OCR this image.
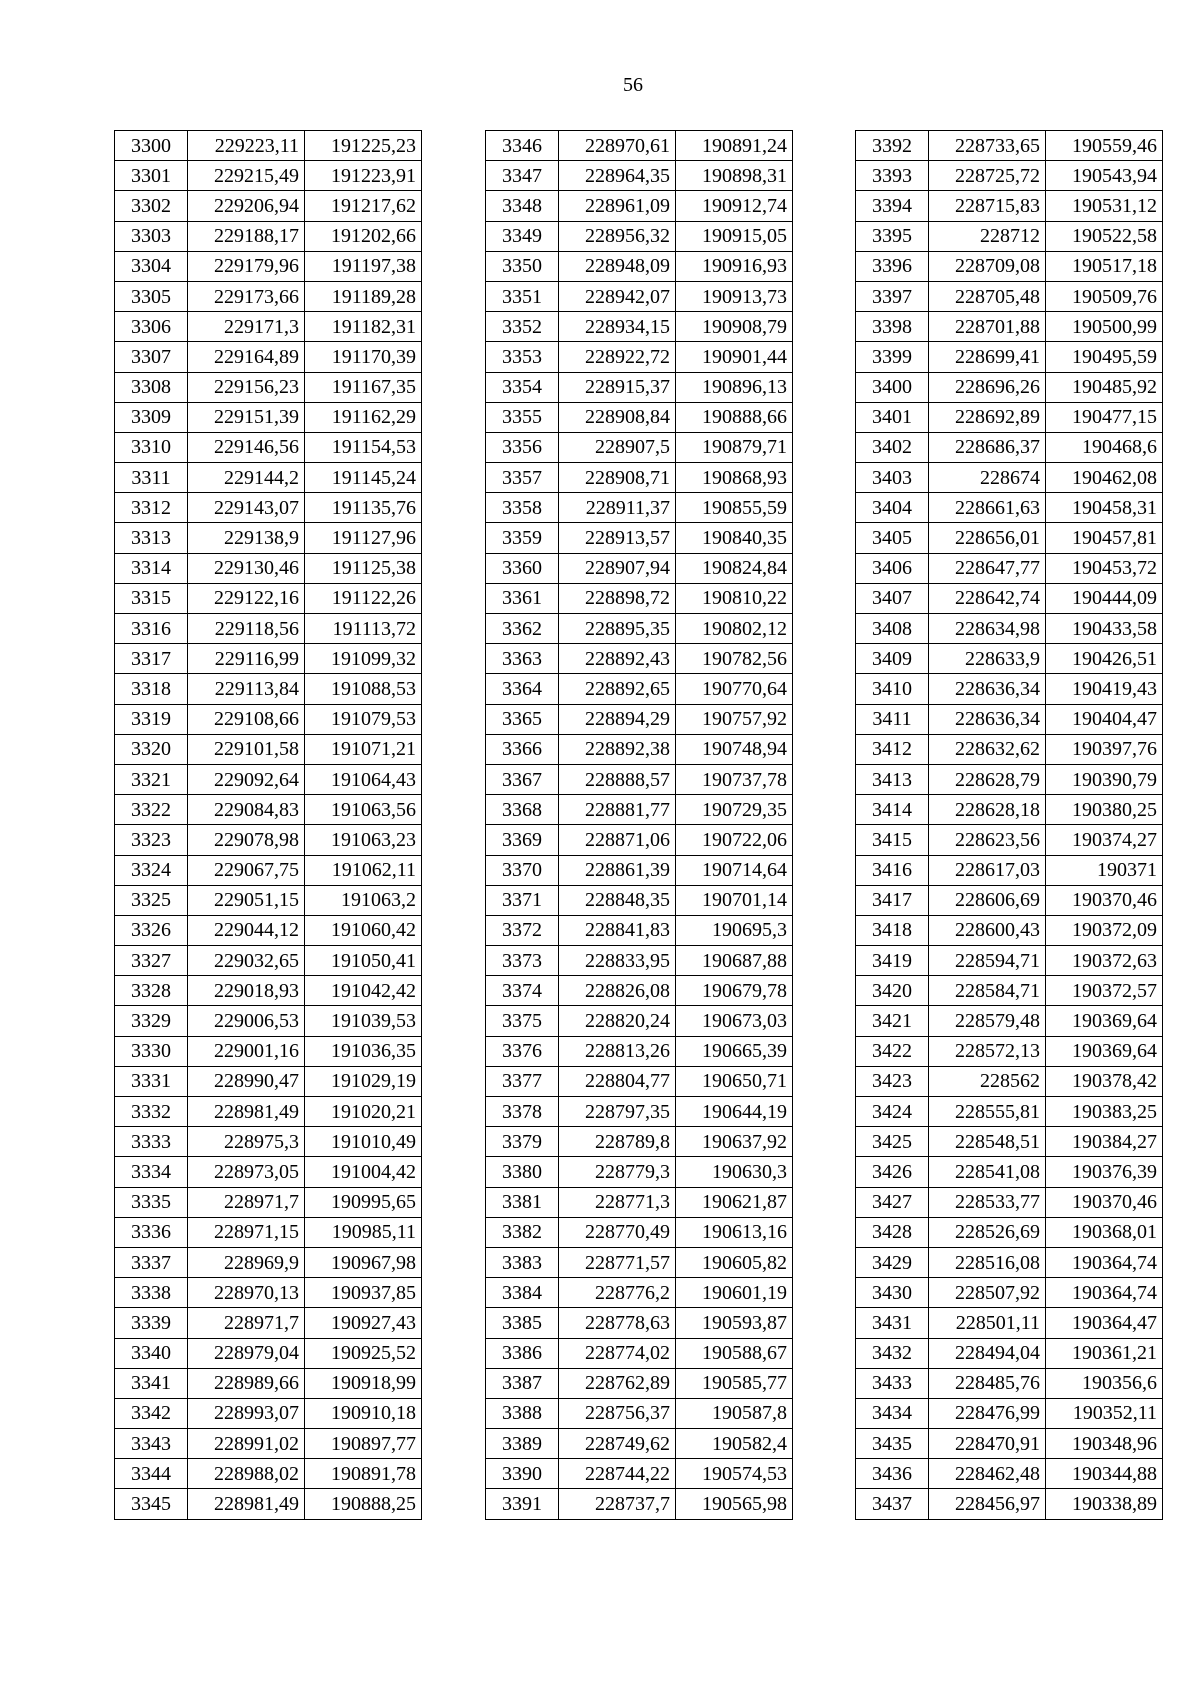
56
3300	229223,11	191225,23
3301	229215,49	191223,91
3302	229206,94	191217,62
3303	229188,17	191202,66
3304	229179,96	191197,38
3305	229173,66	191189,28
3306	229171,3	191182,31
3307	229164,89	191170,39
3308	229156,23	191167,35
3309	229151,39	191162,29
3310	229146,56	191154,53
3311	229144,2	191145,24
3312	229143,07	191135,76
3313	229138,9	191127,96
3314	229130,46	191125,38
3315	229122,16	191122,26
3316	229118,56	191113,72
3317	229116,99	191099,32
3318	229113,84	191088,53
3319	229108,66	191079,53
3320	229101,58	191071,21
3321	229092,64	191064,43
3322	229084,83	191063,56
3323	229078,98	191063,23
3324	229067,75	191062,11
3325	229051,15	191063,2
3326	229044,12	191060,42
3327	229032,65	191050,41
3328	229018,93	191042,42
3329	229006,53	191039,53
3330	229001,16	191036,35
3331	228990,47	191029,19
3332	228981,49	191020,21
3333	228975,3	191010,49
3334	228973,05	191004,42
3335	228971,7	190995,65
3336	228971,15	190985,11
3337	228969,9	190967,98
3338	228970,13	190937,85
3339	228971,7	190927,43
3340	228979,04	190925,52
3341	228989,66	190918,99
3342	228993,07	190910,18
3343	228991,02	190897,77
3344	228988,02	190891,78
3345	228981,49	190888,25
3346	228970,61	190891,24
3347	228964,35	190898,31
3348	228961,09	190912,74
3349	228956,32	190915,05
3350	228948,09	190916,93
3351	228942,07	190913,73
3352	228934,15	190908,79
3353	228922,72	190901,44
3354	228915,37	190896,13
3355	228908,84	190888,66
3356	228907,5	190879,71
3357	228908,71	190868,93
3358	228911,37	190855,59
3359	228913,57	190840,35
3360	228907,94	190824,84
3361	228898,72	190810,22
3362	228895,35	190802,12
3363	228892,43	190782,56
3364	228892,65	190770,64
3365	228894,29	190757,92
3366	228892,38	190748,94
3367	228888,57	190737,78
3368	228881,77	190729,35
3369	228871,06	190722,06
3370	228861,39	190714,64
3371	228848,35	190701,14
3372	228841,83	190695,3
3373	228833,95	190687,88
3374	228826,08	190679,78
3375	228820,24	190673,03
3376	228813,26	190665,39
3377	228804,77	190650,71
3378	228797,35	190644,19
3379	228789,8	190637,92
3380	228779,3	190630,3
3381	228771,3	190621,87
3382	228770,49	190613,16
3383	228771,57	190605,82
3384	228776,2	190601,19
3385	228778,63	190593,87
3386	228774,02	190588,67
3387	228762,89	190585,77
3388	228756,37	190587,8
3389	228749,62	190582,4
3390	228744,22	190574,53
3391	228737,7	190565,98
3392	228733,65	190559,46
3393	228725,72	190543,94
3394	228715,83	190531,12
3395	228712	190522,58
3396	228709,08	190517,18
3397	228705,48	190509,76
3398	228701,88	190500,99
3399	228699,41	190495,59
3400	228696,26	190485,92
3401	228692,89	190477,15
3402	228686,37	190468,6
3403	228674	190462,08
3404	228661,63	190458,31
3405	228656,01	190457,81
3406	228647,77	190453,72
3407	228642,74	190444,09
3408	228634,98	190433,58
3409	228633,9	190426,51
3410	228636,34	190419,43
3411	228636,34	190404,47
3412	228632,62	190397,76
3413	228628,79	190390,79
3414	228628,18	190380,25
3415	228623,56	190374,27
3416	228617,03	190371
3417	228606,69	190370,46
3418	228600,43	190372,09
3419	228594,71	190372,63
3420	228584,71	190372,57
3421	228579,48	190369,64
3422	228572,13	190369,64
3423	228562	190378,42
3424	228555,81	190383,25
3425	228548,51	190384,27
3426	228541,08	190376,39
3427	228533,77	190370,46
3428	228526,69	190368,01
3429	228516,08	190364,74
3430	228507,92	190364,74
3431	228501,11	190364,47
3432	228494,04	190361,21
3433	228485,76	190356,6
3434	228476,99	190352,11
3435	228470,91	190348,96
3436	228462,48	190344,88
3437	228456,97	190338,89
